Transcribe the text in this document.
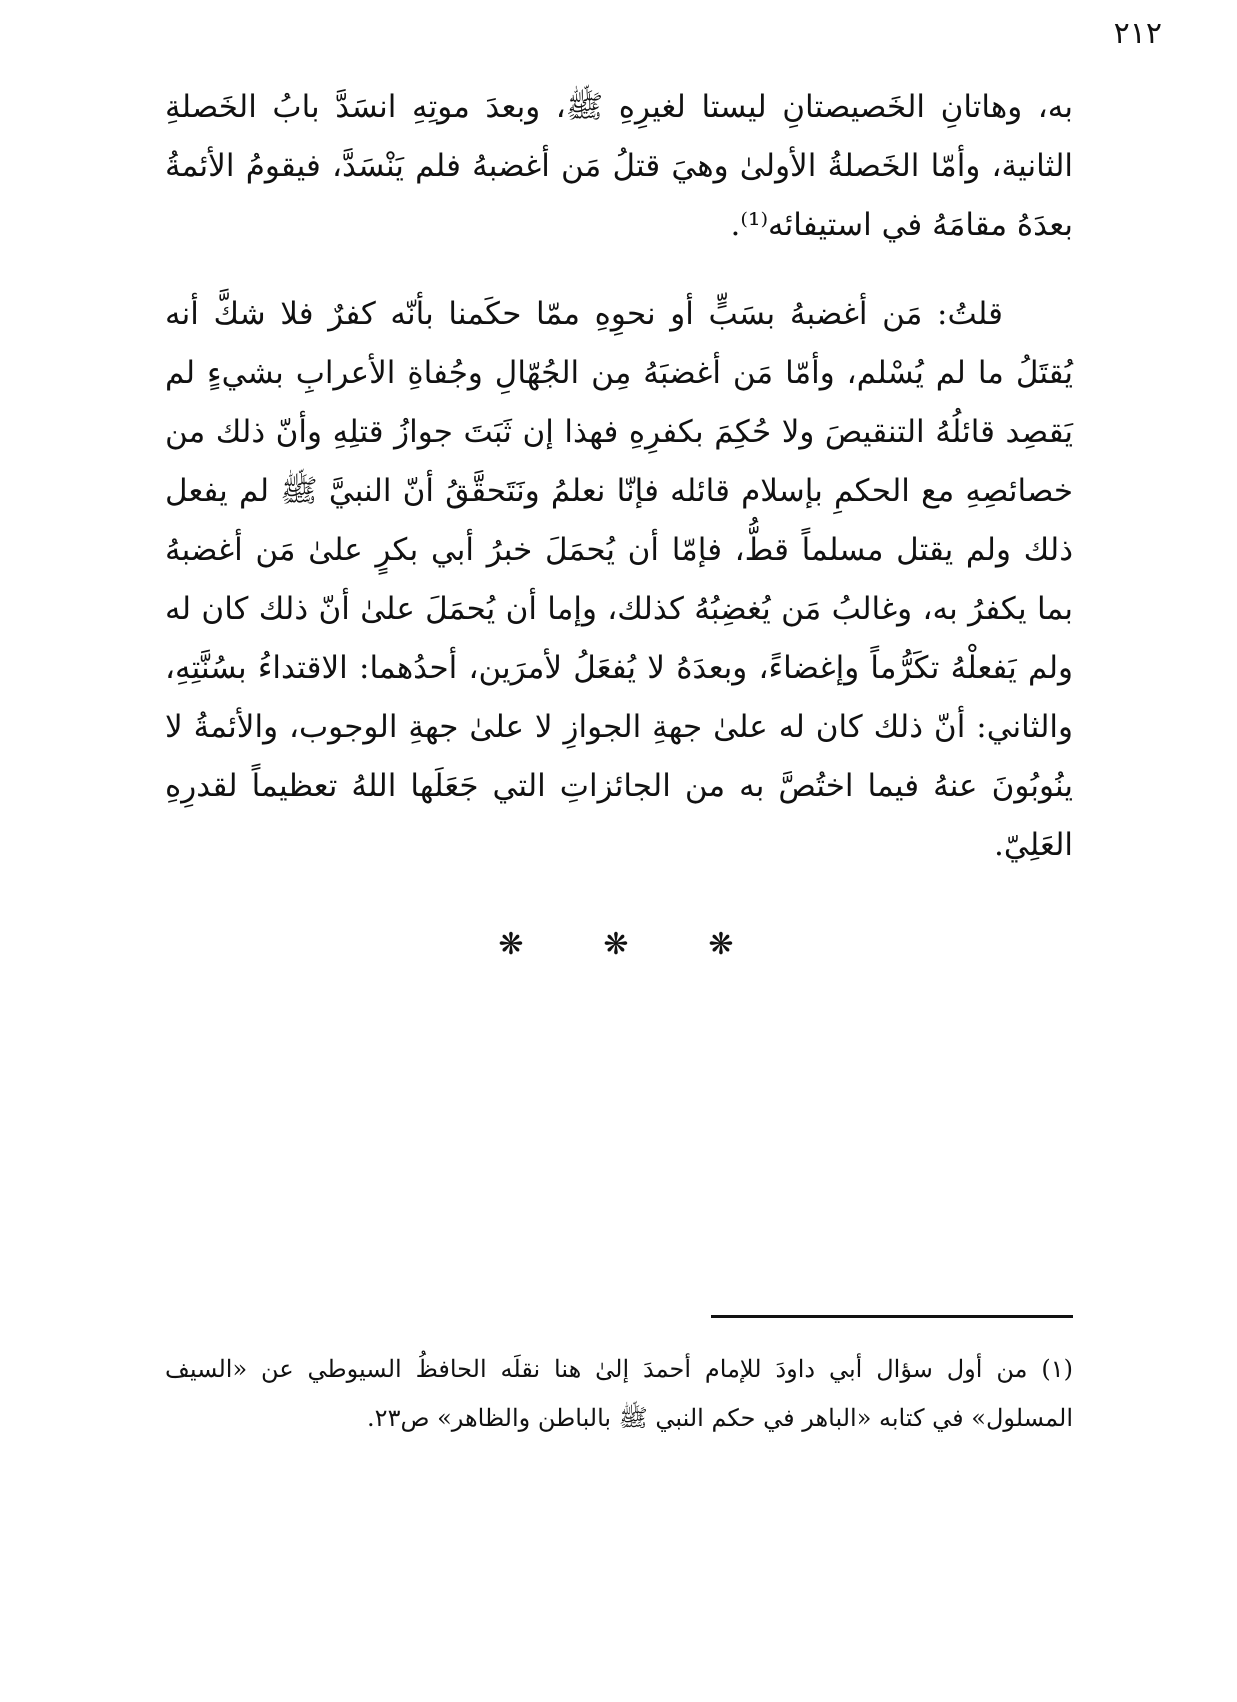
٢١٢

به، وهاتانِ الخَصيصتانِ ليستا لغيرِهِ ﷺ، وبعدَ موتِهِ انسَدَّ بابُ الخَصلةِ الثانية، وأمّا الخَصلةُ الأولىٰ وهيَ قتلُ مَن أغضبهُ فلم يَنْسَدَّ، فيقومُ الأئمةُ بعدَهُ مقامَهُ في استيفائه⁽¹⁾.

قلتُ: مَن أغضبهُ بسَبٍّ أو نحوِهِ ممّا حكَمنا بأنّه كفرٌ فلا شكَّ أنه يُقتَلُ ما لم يُسْلم، وأمّا مَن أغضبَهُ مِن الجُهّالِ وجُفاةِ الأعرابِ بشيءٍ لم يَقصِد قائلُهُ التنقيصَ ولا حُكِمَ بكفرِهِ فهذا إن ثَبَتَ جوازُ قتلِهِ وأنّ ذلك من خصائصِهِ مع الحكمِ بإسلام قائله فإنّا نعلمُ ونَتَحقَّقُ أنّ النبيَّ ﷺ لم يفعل ذلك ولم يقتل مسلماً قطُّ، فإمّا أن يُحمَلَ خبرُ أبي بكرٍ علىٰ مَن أغضبهُ بما يكفرُ به، وغالبُ مَن يُغضِبُهُ كذلك، وإما أن يُحمَلَ علىٰ أنّ ذلك كان له ولم يَفعلْهُ تكَرُّماً وإغضاءً، وبعدَهُ لا يُفعَلُ لأمرَين، أحدُهما: الاقتداءُ بسُنَّتِهِ، والثاني: أنّ ذلك كان له علىٰ جهةِ الجوازِ لا علىٰ جهةِ الوجوب، والأئمةُ لا ينُوبُونَ عنهُ فيما اختُصَّ به من الجائزاتِ التي جَعَلَها اللهُ تعظيماً لقدرِهِ العَلِيّ.

❋	❋	❋

(١) من أول سؤال أبي داودَ للإمام أحمدَ إلىٰ هنا نقلَه الحافظُ السيوطي عن «السيف المسلول» في كتابه «الباهر في حكم النبي ﷺ بالباطن والظاهر» ص٢٣.
